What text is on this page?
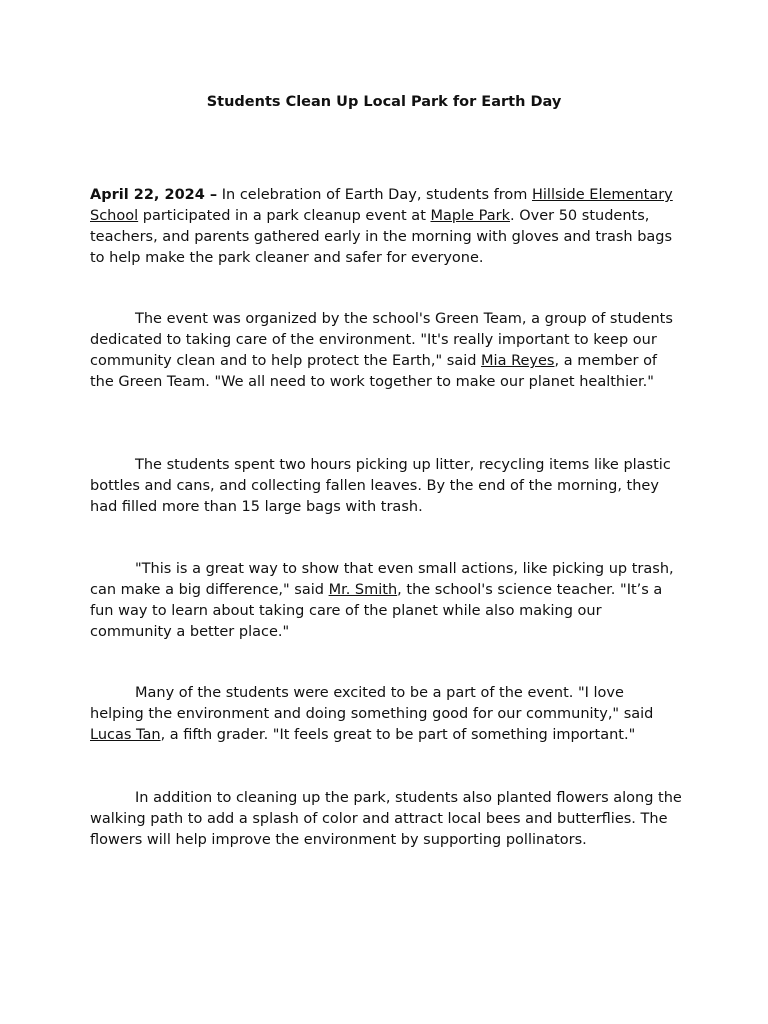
Students Clean Up Local Park for Earth Day

April 22, 2024 – In celebration of Earth Day, students from Hillside Elementary School participated in a park cleanup event at Maple Park. Over 50 students, teachers, and parents gathered early in the morning with gloves and trash bags to help make the park cleaner and safer for everyone.

The event was organized by the school's Green Team, a group of students dedicated to taking care of the environment. "It's really important to keep our community clean and to help protect the Earth," said Mia Reyes, a member of the Green Team. "We all need to work together to make our planet healthier."

The students spent two hours picking up litter, recycling items like plastic bottles and cans, and collecting fallen leaves. By the end of the morning, they had filled more than 15 large bags with trash.

"This is a great way to show that even small actions, like picking up trash, can make a big difference," said Mr. Smith, the school's science teacher. "It’s a fun way to learn about taking care of the planet while also making our community a better place."

Many of the students were excited to be a part of the event. "I love helping the environment and doing something good for our community," said Lucas Tan, a fifth grader. "It feels great to be part of something important."

In addition to cleaning up the park, students also planted flowers along the walking path to add a splash of color and attract local bees and butterflies. The flowers will help improve the environment by supporting pollinators.
